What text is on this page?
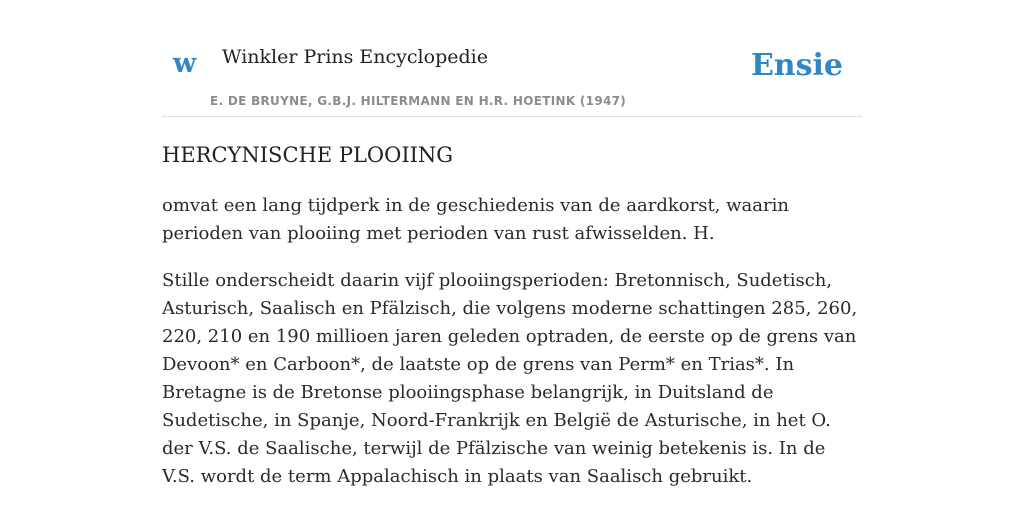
w Winkler Prins Encyclopedie
E. DE BRUYNE, G.B.J. HILTERMANN EN H.R. HOETINK (1947)
Ensie
HERCYNISCHE PLOOIING

omvat een lang tijdperk in de geschiedenis van de aardkorst, waarin perioden van plooiing met perioden van rust afwisselden. H.

Stille onderscheidt daarin vijf plooiingsperioden: Bretonnisch, Sudetisch, Asturisch, Saalisch en Pfälzisch, die volgens moderne schattingen 285, 260, 220, 210 en 190 millioen jaren geleden optraden, de eerste op de grens van Devoon* en Carboon*, de laatste op de grens van Perm* en Trias*. In Bretagne is de Bretonse plooiingsphase belangrijk, in Duitsland de Sudetische, in Spanje, Noord-Frankrijk en België de Asturische, in het O. der V.S. de Saalische, terwijl de Pfälzische van weinig betekenis is. In de V.S. wordt de term Appalachisch in plaats van Saalisch gebruikt.
